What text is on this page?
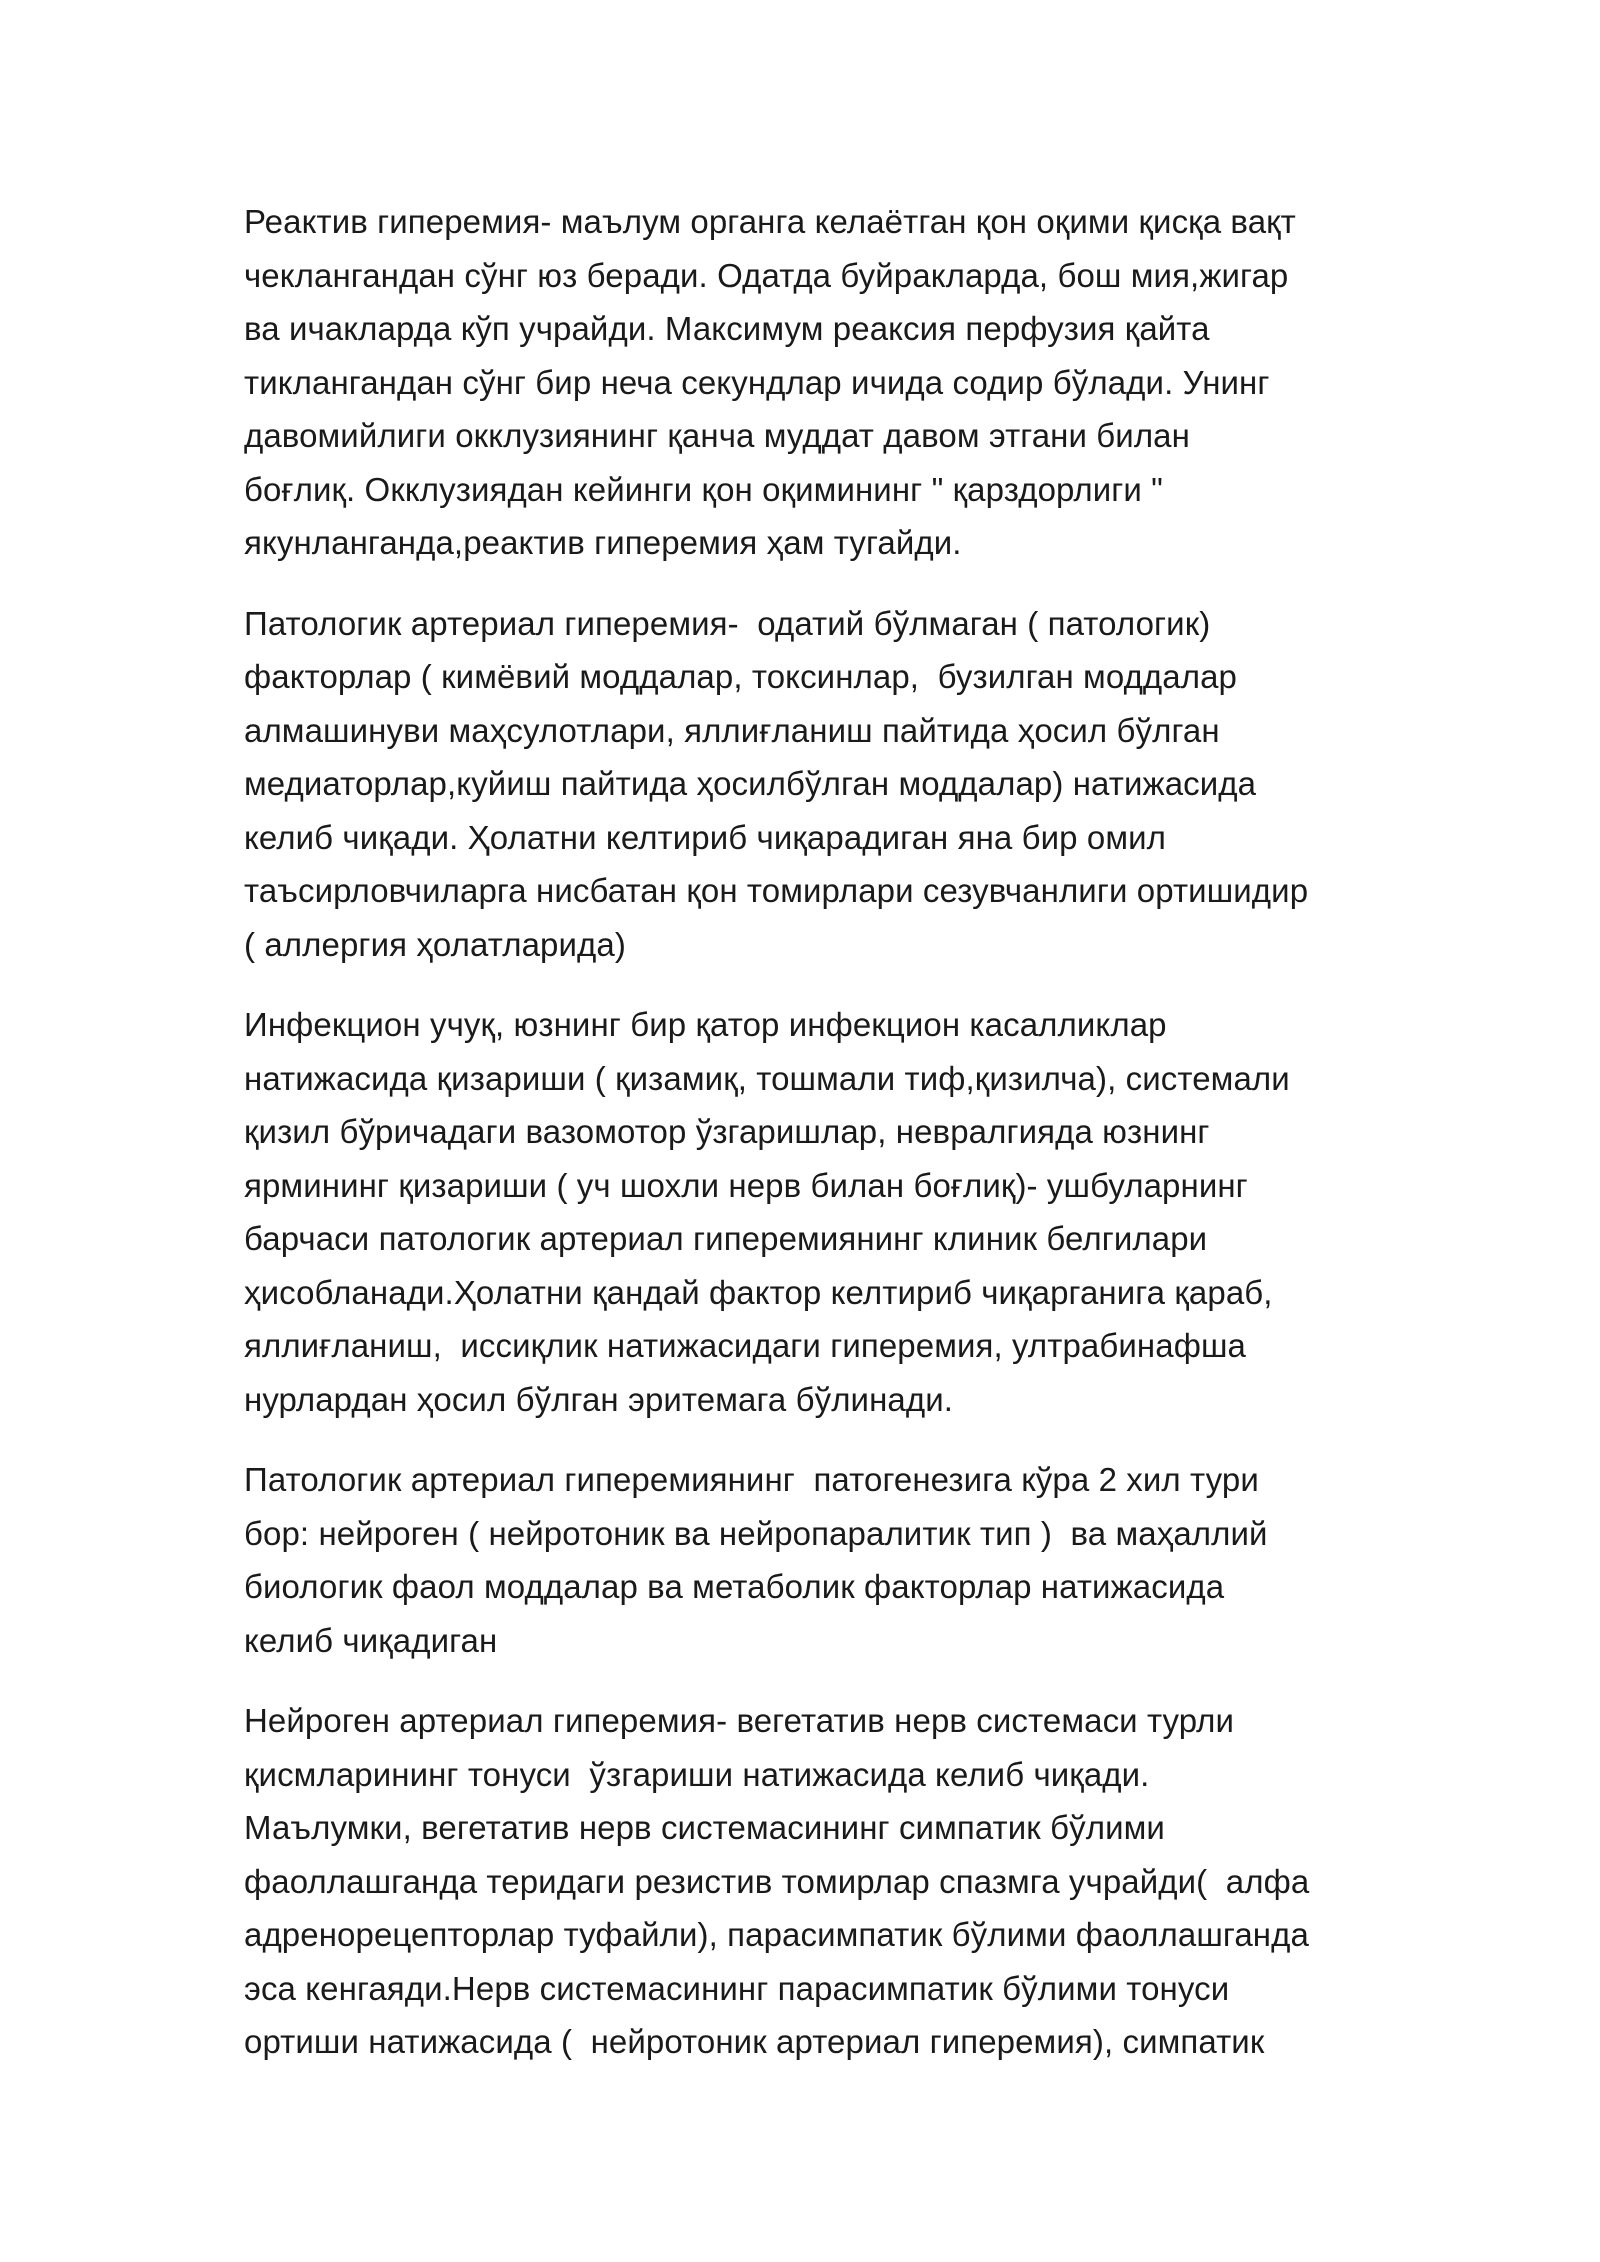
Реактив гиперемия- маълум органга келаётган қон оқими қисқа вақт
чеклангандан сўнг юз беради. Одатда буйракларда, бош мия,жигар
ва ичакларда кўп учрайди. Максимум реаксия перфузия қайта
тиклангандан сўнг бир неча секундлар ичида содир бўлади. Унинг
давомийлиги окклузиянинг қанча муддат давом этгани билан
боғлиқ. Окклузиядан кейинги қон оқимининг " қарздорлиги "
якунланганда,реактив гиперемия ҳам тугайди.

Патологик артериал гиперемия-  одатий бўлмаган ( патологик)
факторлар ( кимёвий моддалар, токсинлар,  бузилган моддалар
алмашинуви маҳсулотлари, яллиғланиш пайтида ҳосил бўлган
медиаторлар,куйиш пайтида ҳосилбўлган моддалар) натижасида
келиб чиқади. Ҳолатни келтириб чиқарадиган яна бир омил
таъсирловчиларга нисбатан қон томирлари сезувчанлиги ортишидир
( аллергия ҳолатларида)

Инфекцион учуқ, юзнинг бир қатор инфекцион касалликлар
натижасида қизариши ( қизамиқ, тошмали тиф,қизилча), системали
қизил бўричадаги вазомотор ўзгаришлар, невралгияда юзнинг
ярмининг қизариши ( уч шохли нерв билан боғлиқ)- ушбуларнинг
барчаси патологик артериал гиперемиянинг клиник белгилари
ҳисобланади.Ҳолатни қандай фактор келтириб чиқарганига қараб,
яллиғланиш,  иссиқлик натижасидаги гиперемия, ултрабинафша
нурлардан ҳосил бўлган эритемага бўлинади.

Патологик артериал гиперемиянинг  патогенезига кўра 2 хил тури
бор: нейроген ( нейротоник ва нейропаралитик тип )  ва маҳаллий
биологик фаол моддалар ва метаболик факторлар натижасида
келиб чиқадиган

Нейроген артериал гиперемия- вегетатив нерв системаси турли
қисмларининг тонуси  ўзгариши натижасида келиб чиқади.
Маълумки, вегетатив нерв системасининг симпатик бўлими
фаоллашганда теридаги резистив томирлар спазмга учрайди(  алфа
адренорецепторлар туфайли), парасимпатик бўлими фаоллашганда
эса кенгаяди.Нерв системасининг парасимпатик бўлими тонуси
ортиши натижасида (  нейротоник артериал гиперемия), симпатик
